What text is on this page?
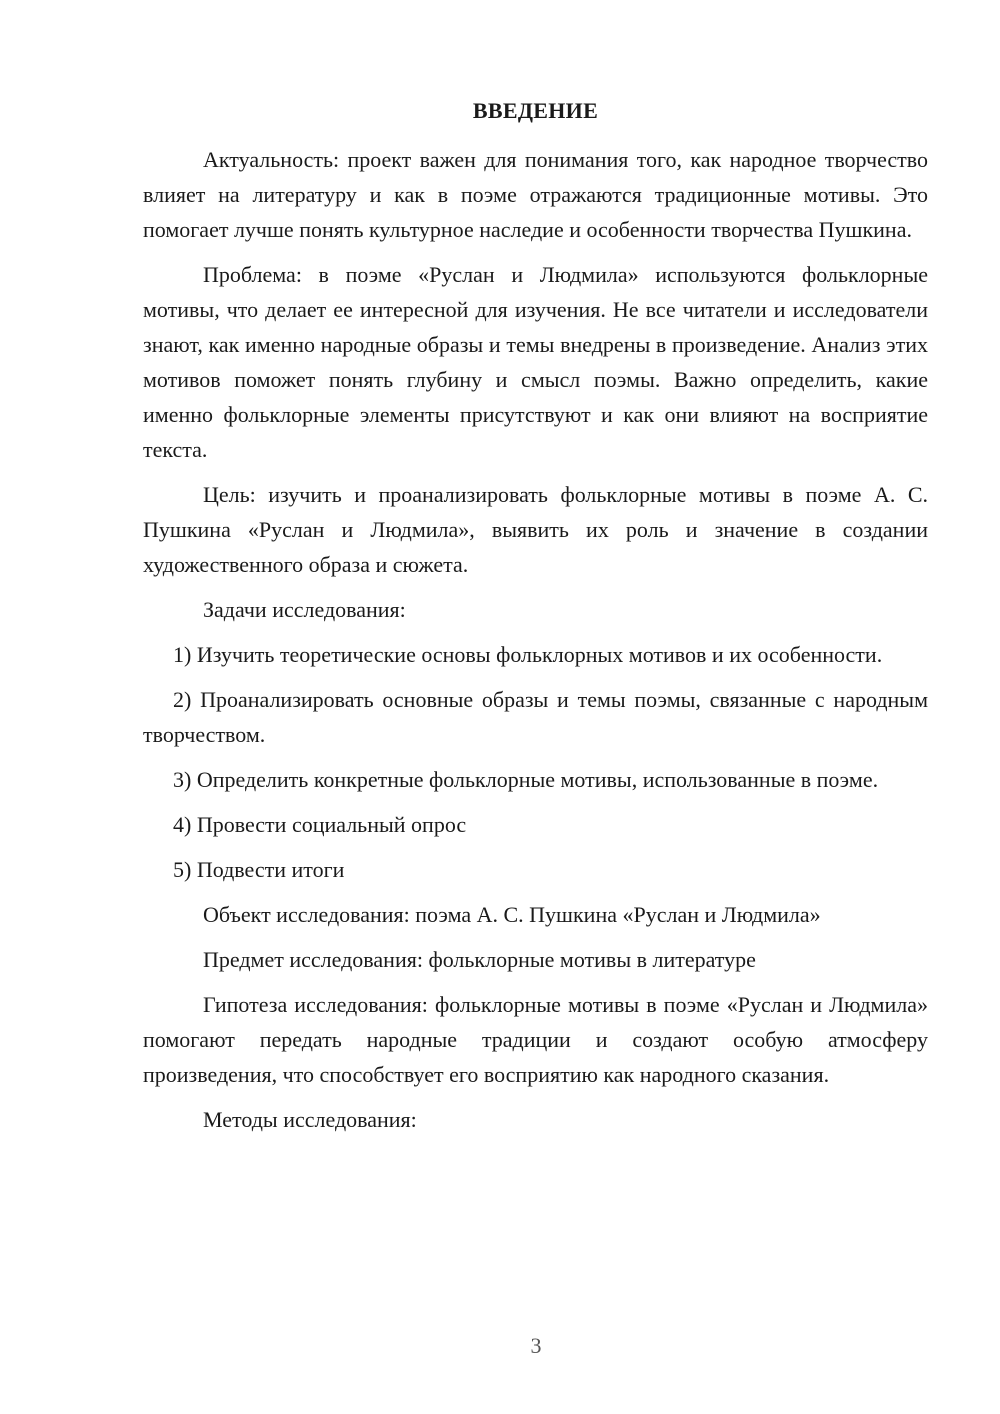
ВВЕДЕНИЕ

Актуальность: проект важен для понимания того, как народное творчество влияет на литературу и как в поэме отражаются традиционные мотивы. Это помогает лучше понять культурное наследие и особенности творчества Пушкина.

Проблема: в поэме «Руслан и Людмила» используются фольклорные мотивы, что делает ее интересной для изучения. Не все читатели и исследователи знают, как именно народные образы и темы внедрены в произведение. Анализ этих мотивов поможет понять глубину и смысл поэмы. Важно определить, какие именно фольклорные элементы присутствуют и как они влияют на восприятие текста.

Цель: изучить и проанализировать фольклорные мотивы в поэме А. С. Пушкина «Руслан и Людмила», выявить их роль и значение в создании художественного образа и сюжета.

Задачи исследования:

1) Изучить теоретические основы фольклорных мотивов и их особенности.

2) Проанализировать основные образы и темы поэмы, связанные с народным творчеством.

3) Определить конкретные фольклорные мотивы, использованные в поэме.

4) Провести социальный опрос

5) Подвести итоги

Объект исследования: поэма А. С. Пушкина «Руслан и Людмила»

Предмет исследования: фольклорные мотивы в литературе

Гипотеза исследования: фольклорные мотивы в поэме «Руслан и Людмила» помогают передать народные традиции и создают особую атмосферу произведения, что способствует его восприятию как народного сказания.

Методы исследования:

3
